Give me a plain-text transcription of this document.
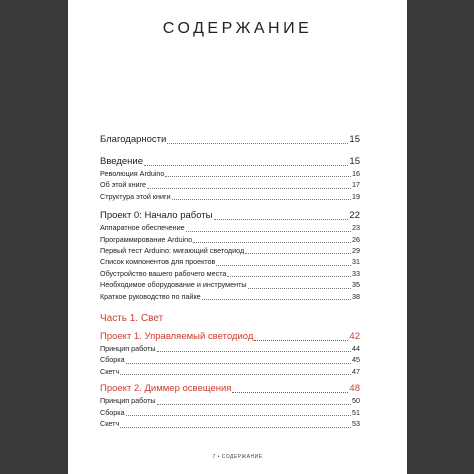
СОДЕРЖАНИЕ
Благодарности	15
Введение	15
Революция Arduino	16
Об этой книге	17
Структура этой книги	19
Проект 0: Начало работы	22
Аппаратное обеспечение	23
Программирование Arduino	26
Первый тест Arduino: мигающий светодиод	29
Список компонентов для проектов	31
Обустройство вашего рабочего места	33
Необходимое оборудование и инструменты	35
Краткое руководство по пайке	38
Часть 1. Свет
Проект 1. Управляемый светодиод	42
Принцип работы	44
Сборка	45
Скетч	47
Проект 2. Диммер освещения	48
Принцип работы	50
Сборка	51
Скетч	53
7 • СОДЕРЖАНИЕ
